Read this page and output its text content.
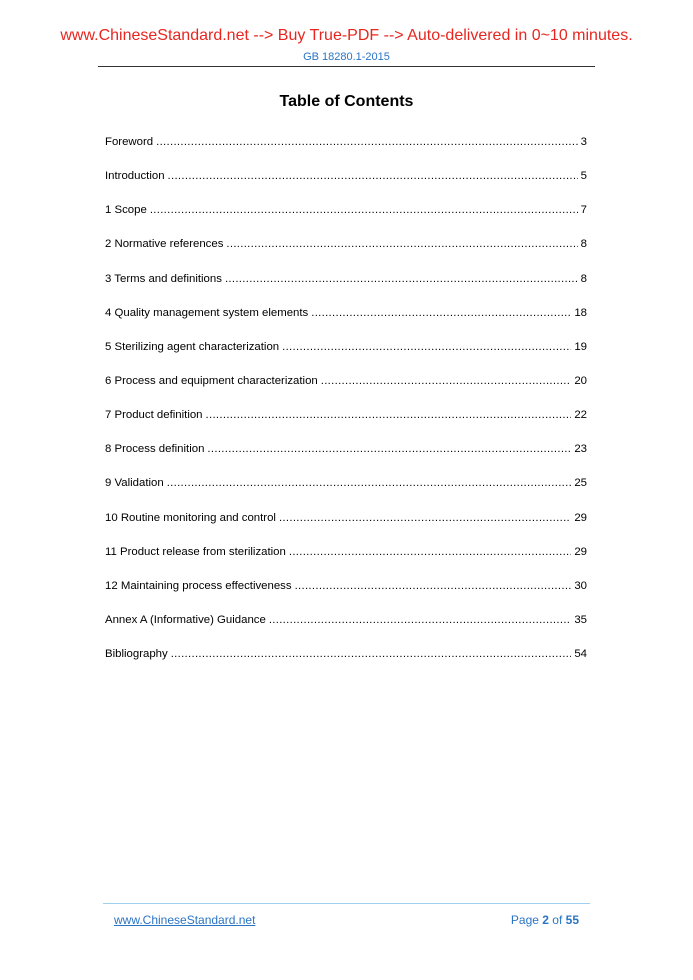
www.ChineseStandard.net --> Buy True-PDF --> Auto-delivered in 0~10 minutes.
GB 18280.1-2015
Table of Contents
Foreword .....	3
Introduction .....	5
1 Scope .....	7
2 Normative references .....	8
3 Terms and definitions .....	8
4 Quality management system elements .....	18
5 Sterilizing agent characterization .....	19
6 Process and equipment characterization .....	20
7 Product definition .....	22
8 Process definition .....	23
9 Validation .....	25
10 Routine monitoring and control .....	29
11 Product release from sterilization .....	29
12 Maintaining process effectiveness .....	30
Annex A (Informative) Guidance .....	35
Bibliography .....	54
www.ChineseStandard.net	Page 2 of 55
